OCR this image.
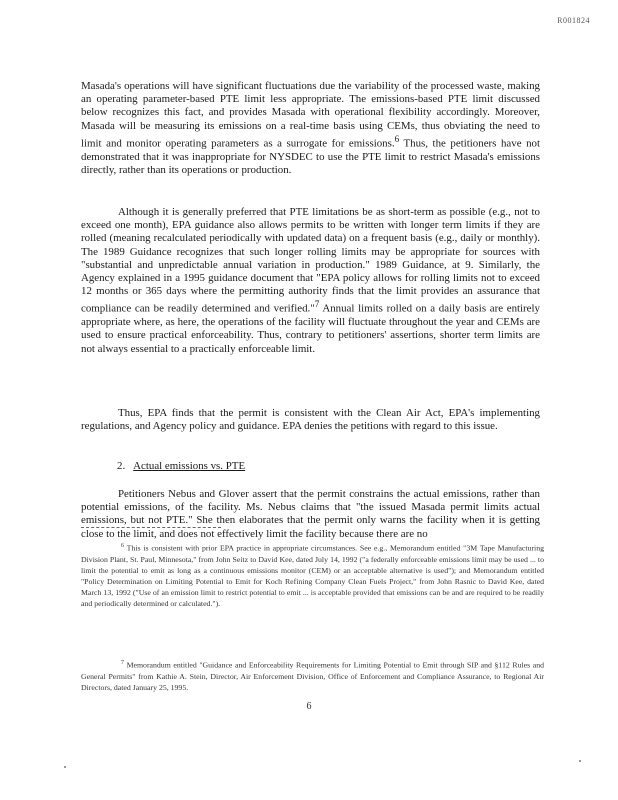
R001824

Masada's operations will have significant fluctuations due the variability of the processed waste, making an operating parameter-based PTE limit less appropriate. The emissions-based PTE limit discussed below recognizes this fact, and provides Masada with operational flexibility accordingly. Moreover, Masada will be measuring its emissions on a real-time basis using CEMs, thus obviating the need to limit and monitor operating parameters as a surrogate for emissions.$^6$ Thus, the petitioners have not demonstrated that it was inappropriate for NYSDEC to use the PTE limit to restrict Masada's emissions directly, rather than its operations or production.

Although it is generally preferred that PTE limitations be as short-term as possible (e.g., not to exceed one month), EPA guidance also allows permits to be written with longer term limits if they are rolled (meaning recalculated periodically with updated data) on a frequent basis (e.g., daily or monthly). The 1989 Guidance recognizes that such longer rolling limits may be appropriate for sources with "substantial and unpredictable annual variation in production." 1989 Guidance, at 9. Similarly, the Agency explained in a 1995 guidance document that "EPA policy allows for rolling limits not to exceed 12 months or 365 days where the permitting authority finds that the limit provides an assurance that compliance can be readily determined and verified."$^7$ Annual limits rolled on a daily basis are entirely appropriate where, as here, the operations of the facility will fluctuate throughout the year and CEMs are used to ensure practical enforceability. Thus, contrary to petitioners' assertions, shorter term limits are not always essential to a practically enforceable limit.

Thus, EPA finds that the permit is consistent with the Clean Air Act, EPA's implementing regulations, and Agency policy and guidance. EPA denies the petitions with regard to this issue.

2. Actual emissions vs. PTE

Petitioners Nebus and Glover assert that the permit constrains the actual emissions, rather than potential emissions, of the facility. Ms. Nebus claims that "the issued Masada permit limits actual emissions, but not PTE." She then elaborates that the permit only warns the facility when it is getting close to the limit, and does not effectively limit the facility because there are no

$^6$ This is consistent with prior EPA practice in appropriate circumstances. See e.g., Memorandum entitled "3M Tape Manufacturing Division Plant, St. Paul, Minnesota," from John Seitz to David Kee, dated July 14, 1992 ("a federally enforceable emissions limit may be used ... to limit the potential to emit as long as a continuous emissions monitor (CEM) or an acceptable alternative is used"); and Memorandum entitled "Policy Determination on Limiting Potential to Emit for Koch Refining Company Clean Fuels Project," from John Rasnic to David Kee, dated March 13, 1992 ("Use of an emission limit to restrict potential to emit ... is acceptable provided that emissions can be and are required to be readily and periodically determined or calculated.").

$^7$ Memorandum entitled "Guidance and Enforceability Requirements for Limiting Potential to Emit through SIP and §112 Rules and General Permits" from Kathie A. Stein, Director, Air Enforcement Division, Office of Enforcement and Compliance Assurance, to Regional Air Directors, dated January 25, 1995.

6
